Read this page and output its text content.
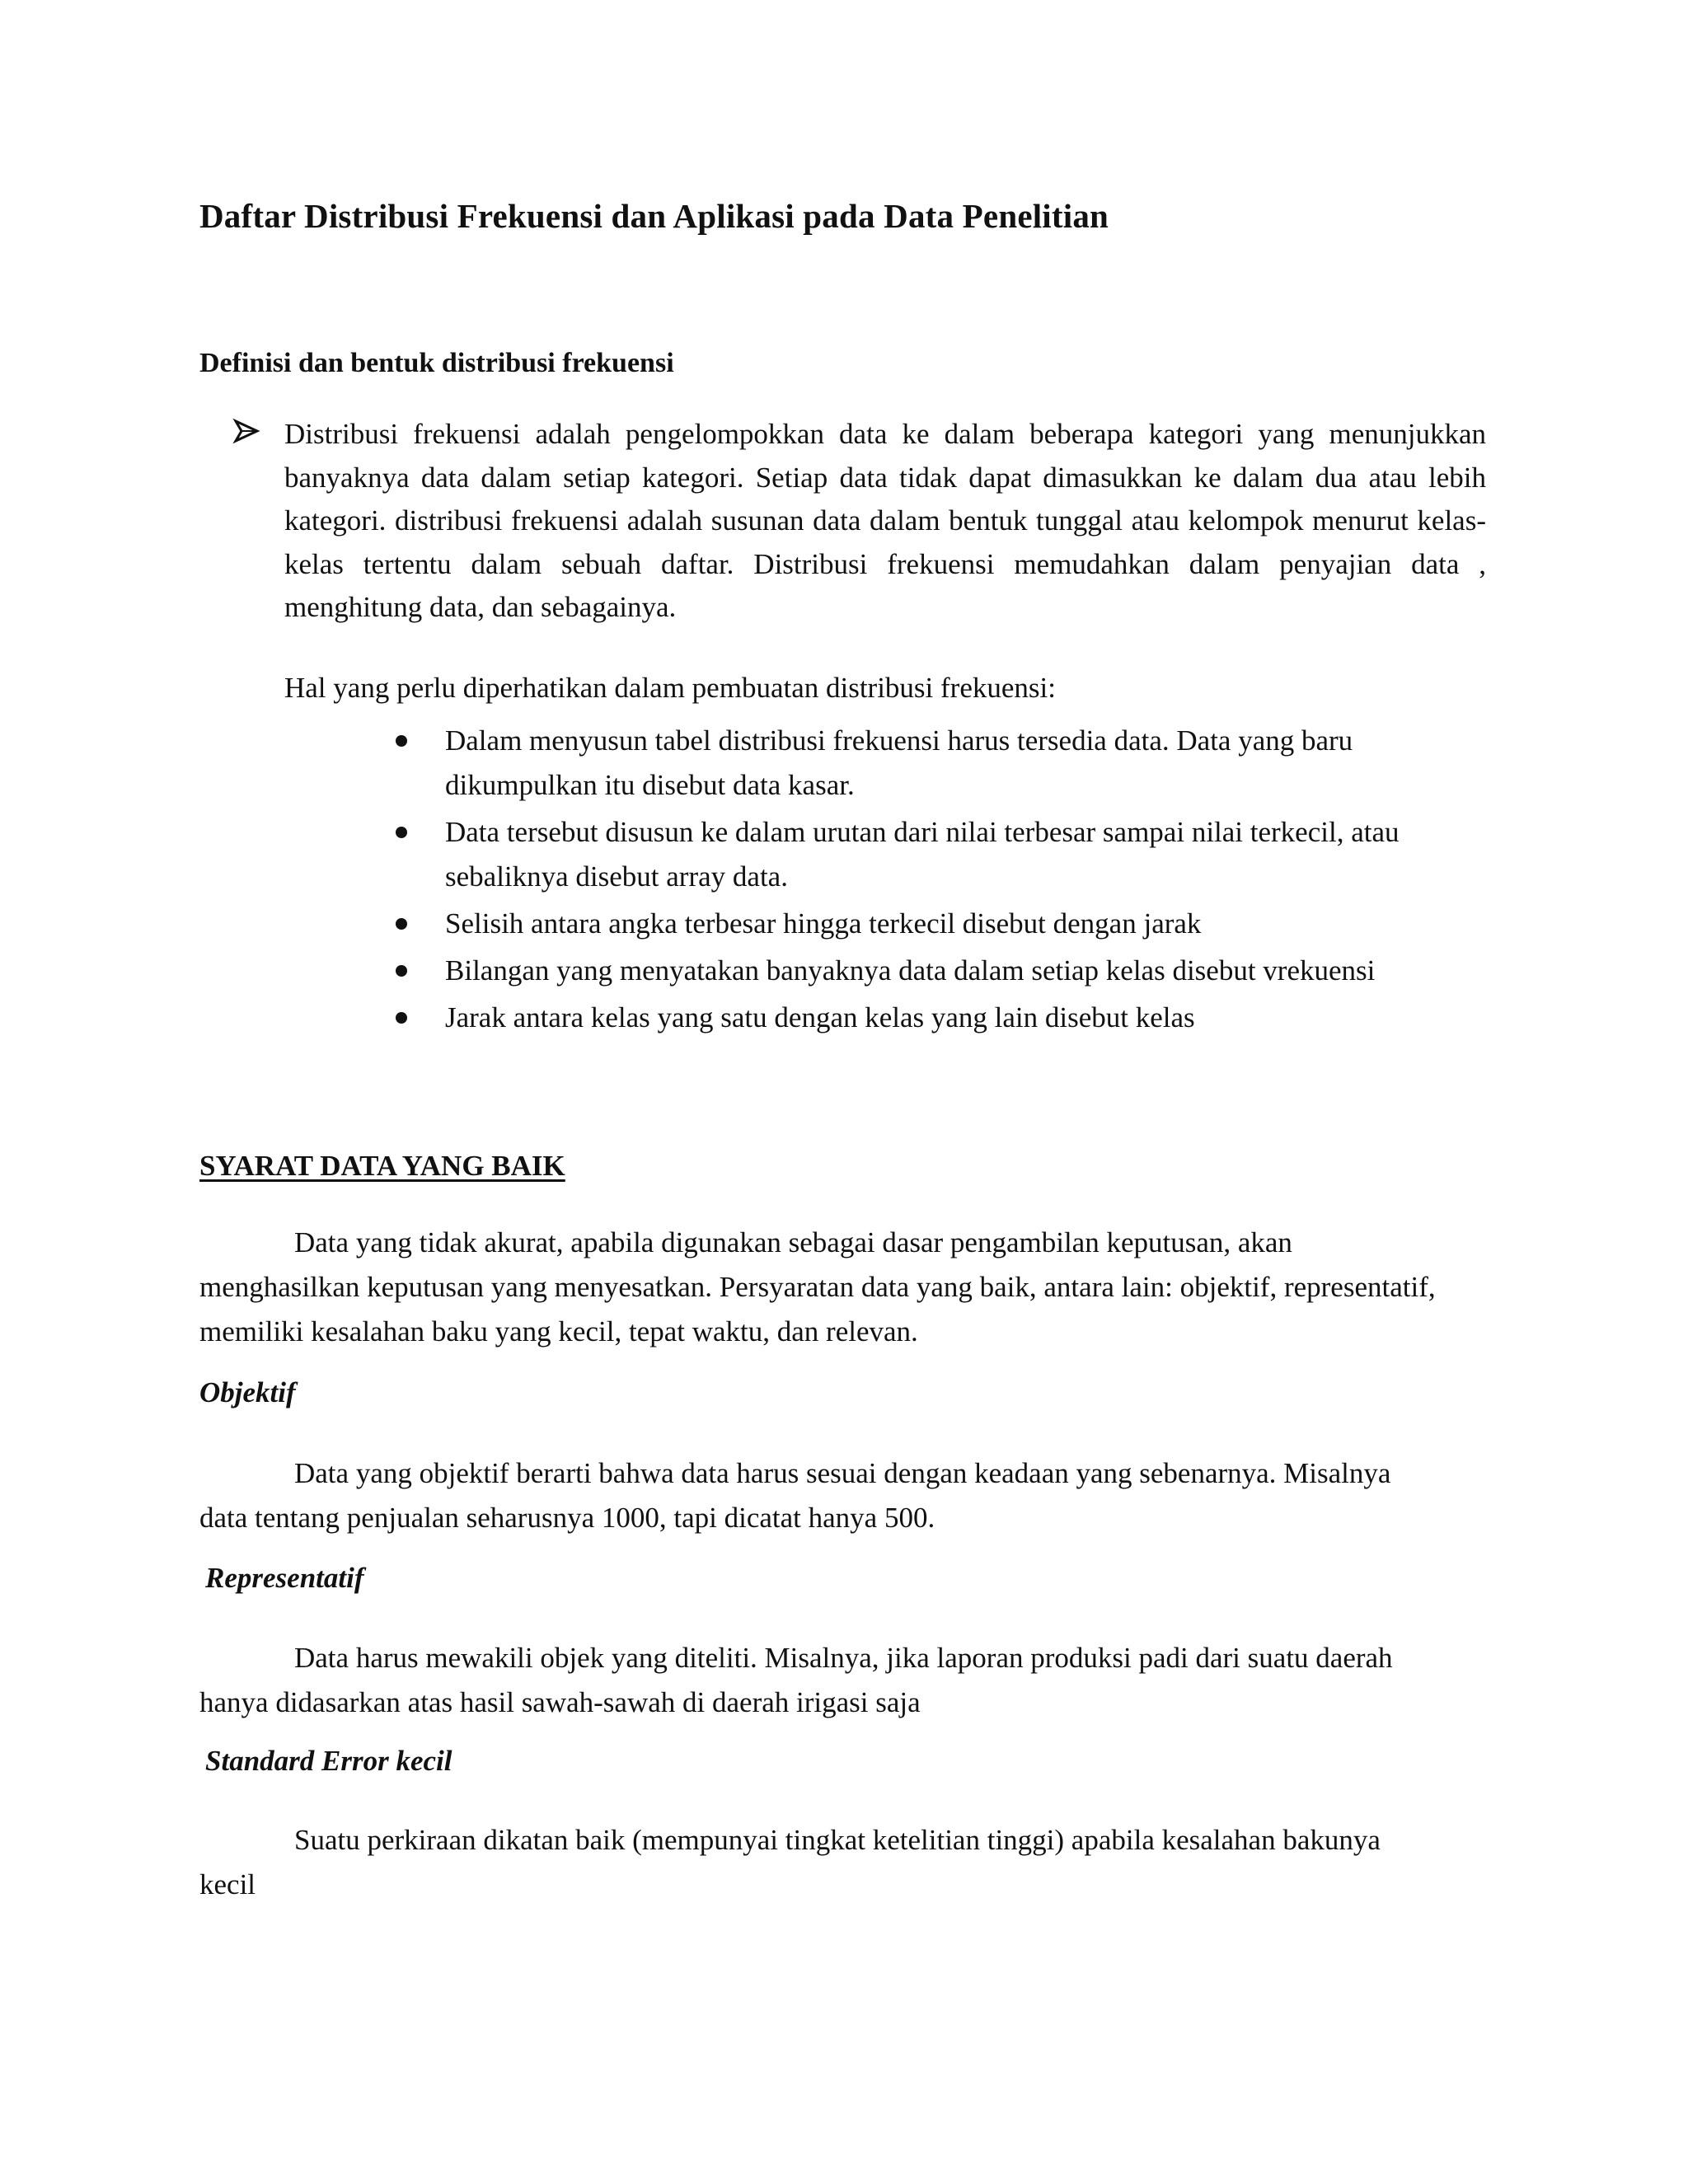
Daftar Distribusi Frekuensi dan Aplikasi pada Data Penelitian
Definisi dan bentuk distribusi frekuensi
Distribusi frekuensi adalah pengelompokkan data ke dalam beberapa kategori yang menunjukkan banyaknya data dalam setiap kategori. Setiap data tidak dapat dimasukkan ke dalam dua atau lebih kategori. distribusi frekuensi adalah susunan data dalam bentuk tunggal atau kelompok menurut kelas- kelas tertentu dalam sebuah daftar. Distribusi frekuensi memudahkan dalam penyajian data , menghitung data, dan sebagainya.
Hal yang perlu diperhatikan dalam pembuatan distribusi frekuensi:
Dalam menyusun tabel distribusi frekuensi harus tersedia data. Data yang baru dikumpulkan itu disebut data kasar.
Data tersebut disusun ke dalam urutan dari nilai terbesar sampai nilai terkecil, atau sebaliknya disebut array data.
Selisih antara angka terbesar hingga terkecil disebut dengan jarak
Bilangan yang menyatakan banyaknya data dalam setiap kelas disebut vrekuensi
Jarak antara kelas yang satu dengan kelas yang lain disebut kelas
SYARAT DATA YANG BAIK
Data yang tidak akurat, apabila digunakan sebagai dasar pengambilan keputusan, akan menghasilkan keputusan yang menyesatkan. Persyaratan data yang baik, antara lain: objektif, representatif, memiliki kesalahan baku yang kecil, tepat waktu, dan relevan.
Objektif
Data yang objektif berarti bahwa data harus sesuai dengan keadaan yang sebenarnya. Misalnya data tentang penjualan seharusnya 1000, tapi dicatat hanya 500.
Representatif
Data harus mewakili objek yang diteliti. Misalnya, jika laporan produksi padi dari suatu daerah hanya didasarkan atas hasil sawah-sawah di daerah irigasi saja
Standard Error kecil
Suatu perkiraan dikatan baik (mempunyai tingkat ketelitian tinggi) apabila kesalahan bakunya kecil
